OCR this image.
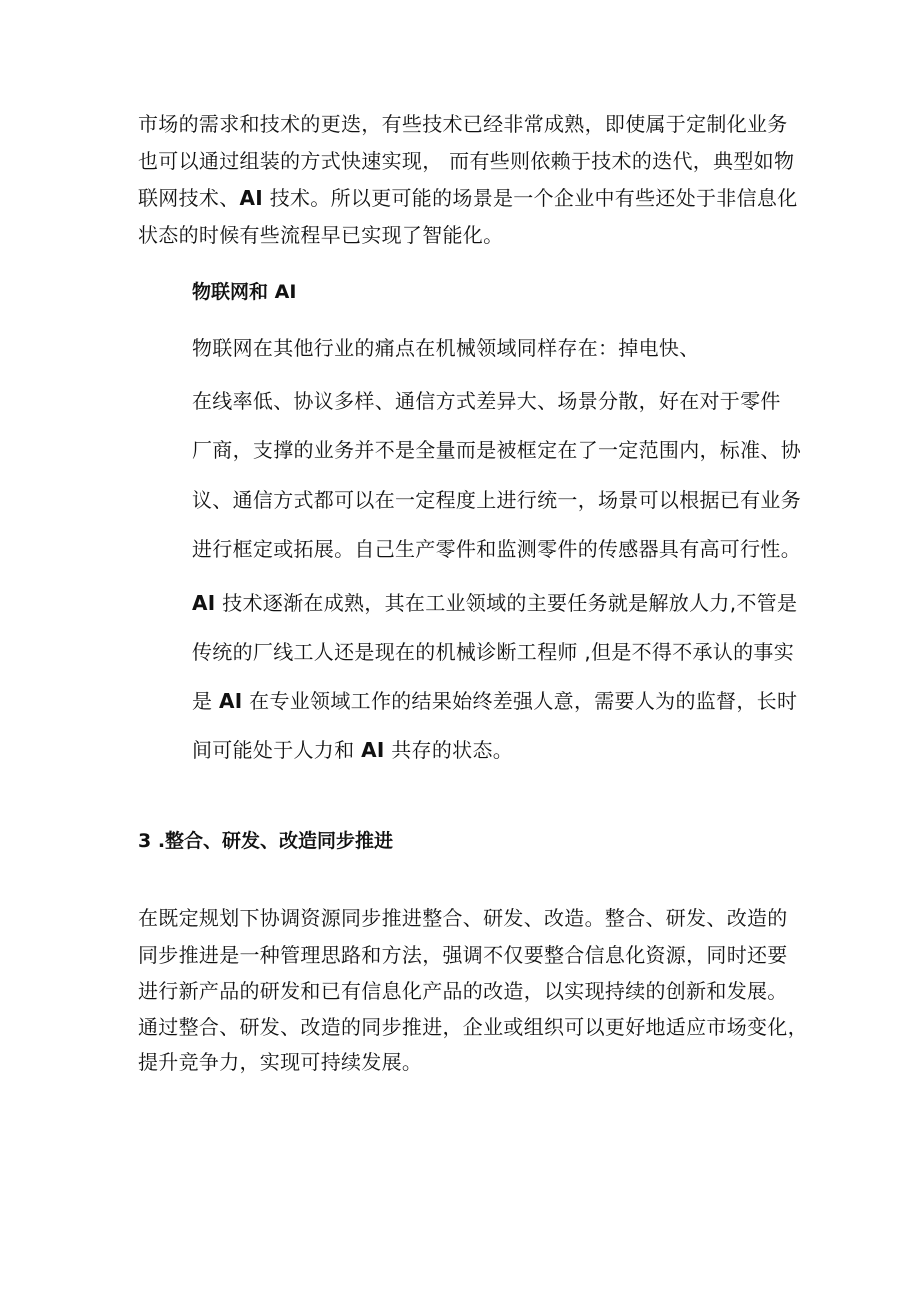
市场的需求和技术的更迭，有些技术已经非常成熟，即使属于定制化业务

也可以通过组装的方式快速实现， 而有些则依赖于技术的迭代，典型如物

联网技术、AI 技术。所以更可能的场景是一个企业中有些还处于非信息化

状态的时候有些流程早已实现了智能化。

物联网和 AI

物联网在其他行业的痛点在机械领域同样存在：掉电快、

在线率低、协议多样、通信方式差异大、场景分散，好在对于零件

厂商，支撑的业务并不是全量而是被框定在了一定范围内，标准、协

议、通信方式都可以在一定程度上进行统一，场景可以根据已有业务

进行框定或拓展。自己生产零件和监测零件的传感器具有高可行性。

AI 技术逐渐在成熟，其在工业领域的主要任务就是解放人力,不管是

传统的厂线工人还是现在的机械诊断工程师 ,但是不得不承认的事实

是 AI 在专业领域工作的结果始终差强人意，需要人为的监督，长时

间可能处于人力和 AI 共存的状态。

3 .整合、研发、改造同步推进

在既定规划下协调资源同步推进整合、研发、改造。整合、研发、改造的

同步推进是一种管理思路和方法，强调不仅要整合信息化资源，同时还要

进行新产品的研发和已有信息化产品的改造，以实现持续的创新和发展。

通过整合、研发、改造的同步推进，企业或组织可以更好地适应市场变化，

提升竞争力，实现可持续发展。
